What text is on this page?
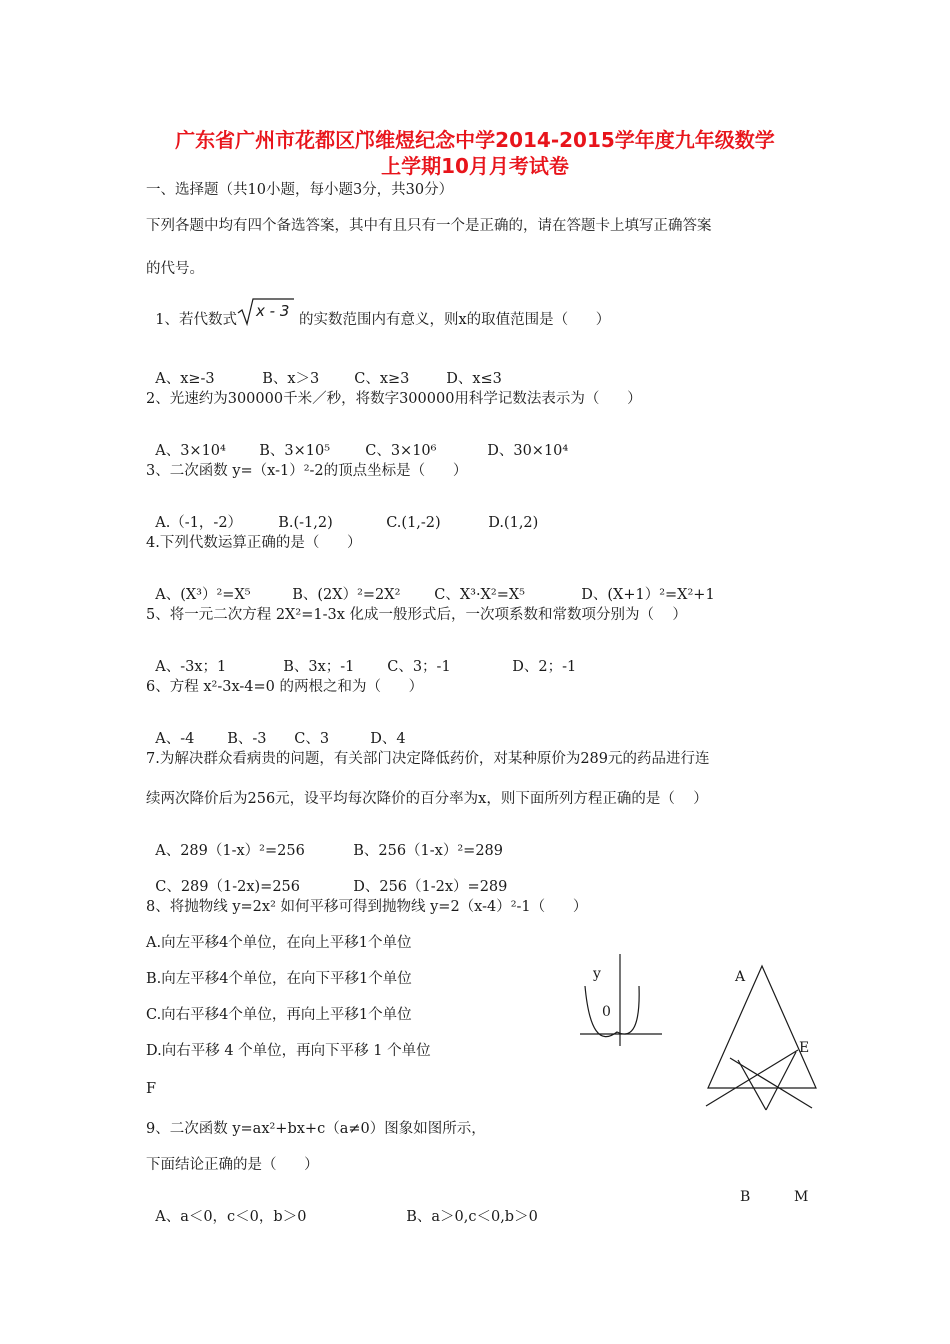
广东省广州市花都区邝维煜纪念中学2014-2015学年度九年级数学
上学期10月月考试卷
一、选择题（共10小题，每小题3分，共30分）
下列各题中均有四个备选答案，其中有且只有一个是正确的，请在答题卡上填写正确答案
的代号。

1、若代数式	的实数范围内有意义，则x的取值范围是（      ）

x - 3

A、x≥-3	B、x＞3 C、x≥3	D、x≤3

2、光速约为300000千米／秒，将数字300000用科学记数法表示为（      ）

A、3×10⁴ B、3×10⁵ C、3×10⁶	D、30×10⁴

3、二次函数 y=（x-1）²-2的顶点坐标是（      ）

A.（-1，-2） B.(-1,2)	C.(1,-2)	D.(1,2)

4.下列代数运算正确的是（      ）

A、(X³）²=X⁵	B、(2X）²=2X² C、X³·X²=X⁵	D、(X+1）²=X²+1

5、将一元二次方程 2X²=1-3x 化成一般形式后，一次项系数和常数项分别为（    ）

A、-3x；1	B、3x；-1 C、3；-1	D、2；-1

6、方程 x²-3x-4=0 的两根之和为（      ）

A、-4 B、-3 C、3	D、4

7.为解决群众看病贵的问题，有关部门决定降低药价，对某种原价为289元的药品进行连
续两次降价后为256元，设平均每次降价的百分率为x，则下面所列方程正确的是（    ）

A、289（1-x）²=256	B、256（1-x）²=289

C、289（1-2x)=256	D、256（1-2x）=289

8、将抛物线 y=2x² 如何平移可得到抛物线 y=2（x-4）²-1（      ）
A.向左平移4个单位，在向上平移1个单位
B.向左平移4个单位，在向下平移1个单位
C.向右平移4个单位，再向上平移1个单位
D.向右平移 4 个单位，再向下平移 1 个单位
F
9、二次函数 y=ax²+bx+c（a≠0）图象如图所示，
下面结论正确的是（      ）

A、a＜0，c＜0，b＞0	B、a＞0,c＜0,b＞0

y
0
A
E
B	M
